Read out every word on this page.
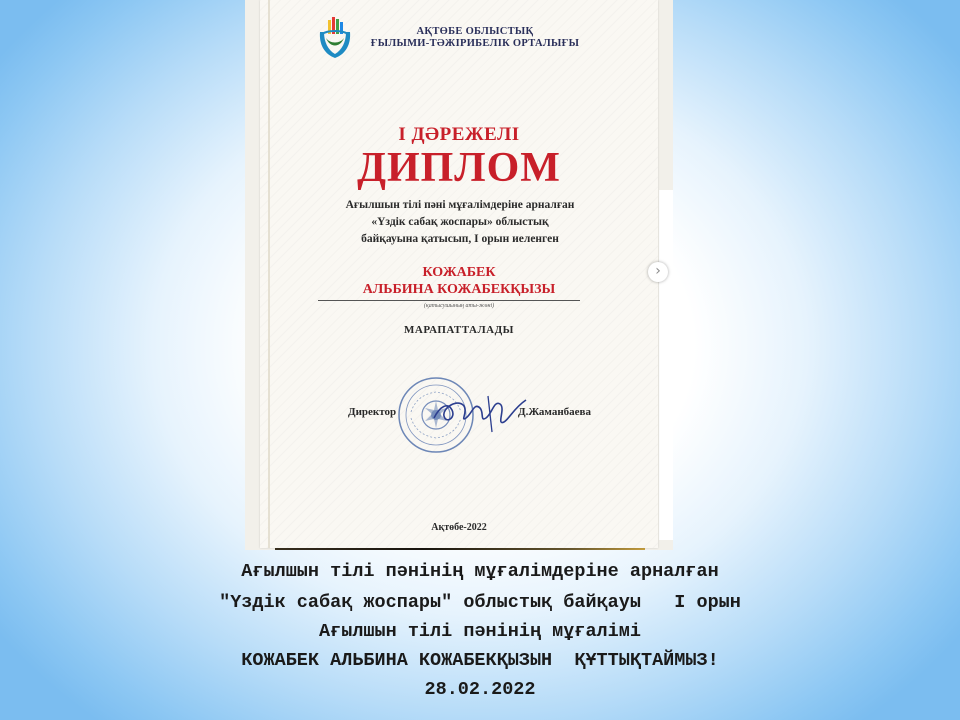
АҚТӨБЕ ОБЛЫСТЫҚ
ҒЫЛЫМИ-ТӘЖІРИБЕЛІК ОРТАЛЫҒЫ
I ДӘРЕЖЕЛІ
ДИПЛОМ
Ағылшын тілі пәні мұғалімдеріне арналған
«Үздік сабақ жоспары» облыстық
байқауына қатысып, I орын иеленген
КОЖАБЕК
АЛЬБИНА КОЖАБЕКҚЫЗЫ
(қатысушының аты-жөні)
МАРАПАТТАЛАДЫ
Директор	Д.Жаманбаева
Ақтөбе-2022
›
Ағылшын тілі пәнінің мұғалімдеріне арналған
"Үздік сабақ жоспары" облыстық байқауы   I орын
Ағылшын тілі пәнінің мұғалімі
КОЖАБЕК АЛЬБИНА КОЖАБЕКҚЫЗЫН  ҚҰТТЫҚТАЙМЫЗ!
28.02.2022
